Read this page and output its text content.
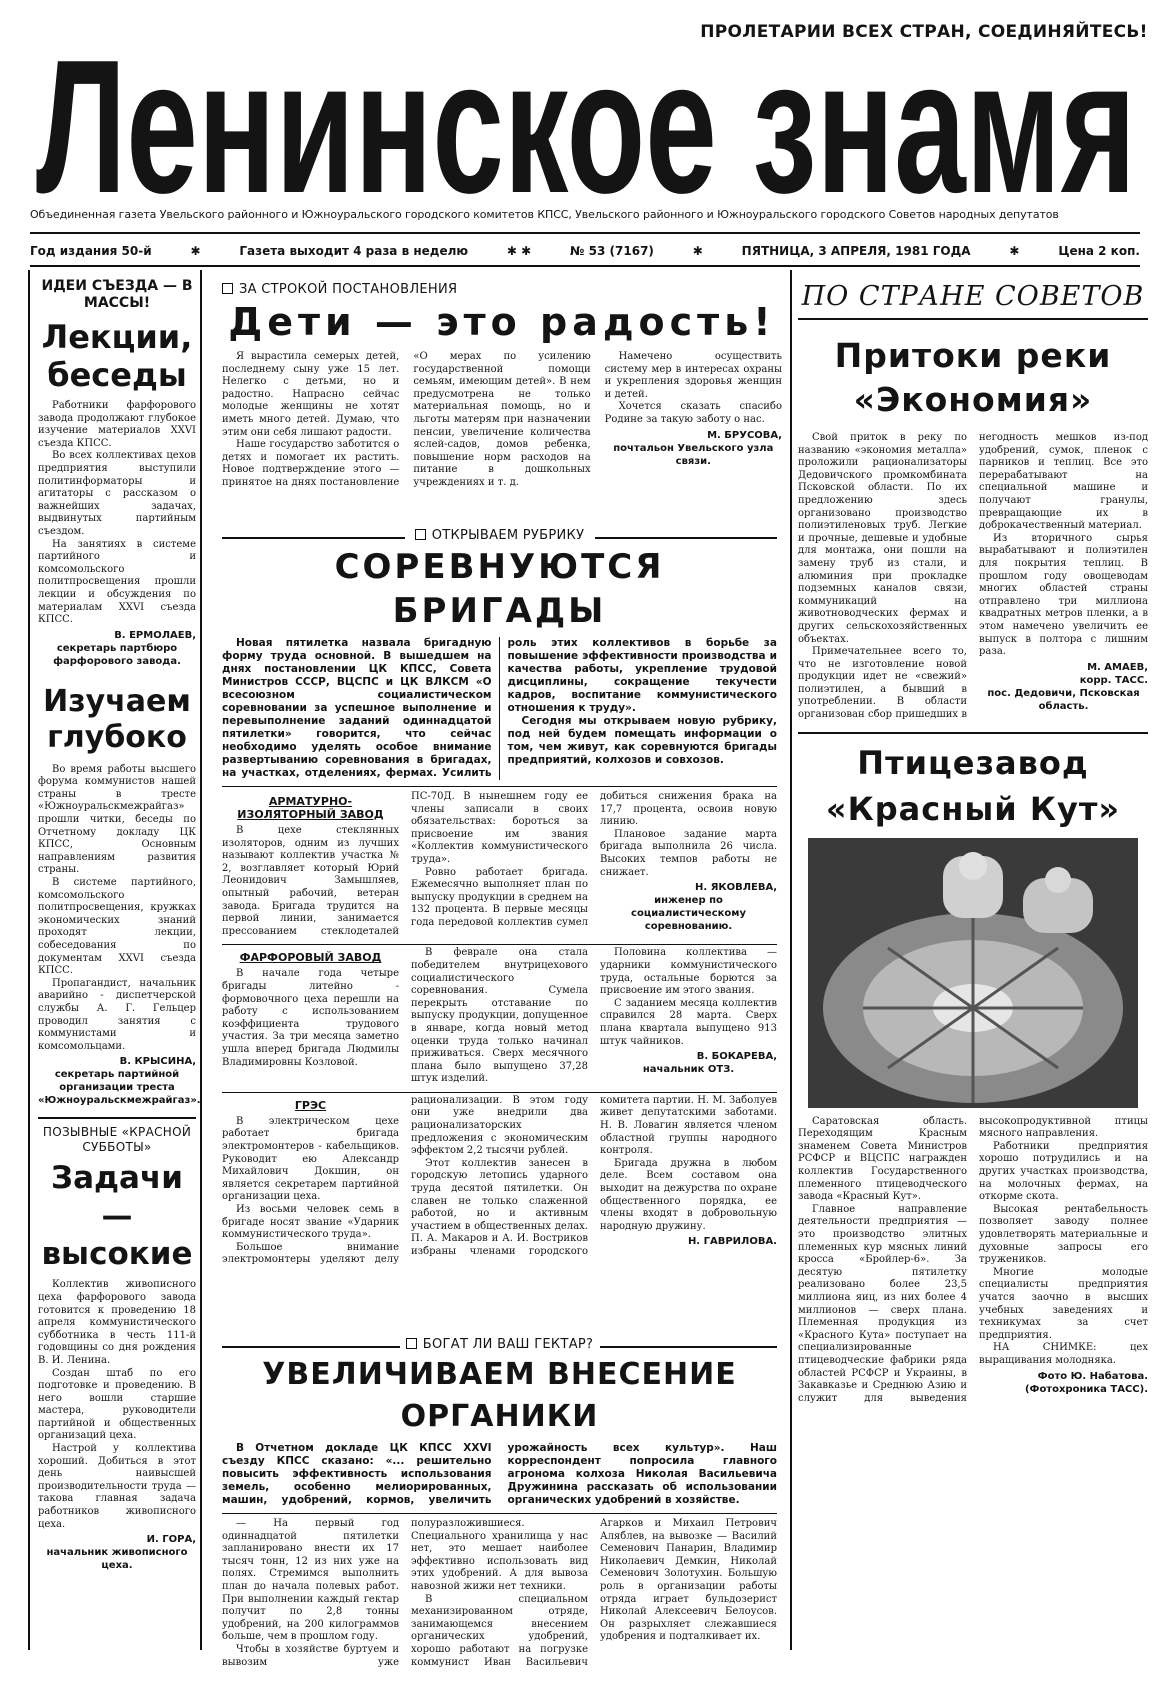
ПРОЛЕТАРИИ ВСЕХ СТРАН, СОЕДИНЯЙТЕСЬ!
Ленинское знамя
Объединенная газета Увельского районного и Южноуральского городского комитетов КПСС, Увельского районного и Южноуральского городского Советов народных депутатов
Год издания 50-й	✱	Газета выходит 4 раза в неделю	✱ ✱	№ 53 (7167)	✱	ПЯТНИЦА, 3 АПРЕЛЯ, 1981 ГОДА	✱	Цена 2 коп.
ИДЕИ СЪЕЗДА — В МАССЫ!
Лекции, беседы

Работники фарфорового завода продолжают глубокое изучение материалов XXVI съезда КПСС.

Во всех коллективах цехов предприятия выступили политинформаторы и агитаторы с рассказом о важнейших задачах, выдвинутых партийным съездом.

На занятиях в системе партийного и комсомольского политпросвещения прошли лекции и обсуждения по материалам XXVI съезда КПСС.

В. ЕРМОЛАЕВ,
секретарь партбюро фарфорового завода.
Изучаем глубоко

Во время работы высшего форума коммунистов нашей страны в тресте «Южноуральскмежрайгаз» прошли читки, беседы по Отчетному докладу ЦК КПСС, Основным направлениям развития страны.

В системе партийного, комсомольского политпросвещения, кружках экономических знаний проходят лекции, собеседования по документам XXVI съезда КПСС.

Пропагандист, начальник аварийно - диспетчерской службы А. Г. Гельцер проводил занятия с коммунистами и комсомольцами.

В. КРЫСИНА,
секретарь партийной организации треста «Южноуральскмежрайгаз».
ПОЗЫВНЫЕ «КРАСНОЙ СУББОТЫ»
Задачи — высокие

Коллектив живописного цеха фарфорового завода готовится к проведению 18 апреля коммунистического субботника в честь 111-й годовщины со дня рождения В. И. Ленина.

Создан штаб по его подготовке и проведению. В него вошли старшие мастера, руководители партийной и общественных организаций цеха.

Настрой у коллектива хороший. Добиться в этот день наивысшей производительности труда — такова главная задача работников живописного цеха.

И. ГОРА,
начальник живописного цеха.
ЗА СТРОКОЙ ПОСТАНОВЛЕНИЯ
Дети — это радость!

Я вырастила семерых детей, последнему сыну уже 15 лет. Нелегко с детьми, но и радостно. Напрасно сейчас молодые женщины не хотят иметь много детей. Думаю, что этим они себя лишают радости.

Наше государство заботится о детях и помогает их растить. Новое подтверждение этого — принятое на днях постановление «О мерах по усилению государственной помощи семьям, имеющим детей». В нем предусмотрена не только материальная помощь, но и льготы матерям при назначении пенсии, увеличение количества яслей-садов, домов ребенка, повышение норм расходов на питание в дошкольных учреждениях и т. д.

Намечено осуществить систему мер в интересах охраны и укрепления здоровья женщин и детей.

Хочется сказать спасибо Родине за такую заботу о нас.

М. БРУСОВА,
почтальон Увельского узла связи.
ОТКРЫВАЕМ РУБРИКУ
СОРЕВНУЮТСЯ БРИГАДЫ

Новая пятилетка назвала бригадную форму труда основной. В вышедшем на днях постановлении ЦК КПСС, Совета Министров СССР, ВЦСПС и ЦК ВЛКСМ «О всесоюзном социалистическом соревновании за успешное выполнение и перевыполнение заданий одиннадцатой пятилетки» говорится, что сейчас необходимо уделять особое внимание развертыванию соревнования в бригадах, на участках, отделениях, фермах. Усилить роль этих коллективов в борьбе за повышение эффективности производства и качества работы, укрепление трудовой дисциплины, сокращение текучести кадров, воспитание коммунистического отношения к труду».

Сегодня мы открываем новую рубрику, под ней будем помещать информации о том, чем живут, как соревнуются бригады предприятий, колхозов и совхозов.

АРМАТУРНО-ИЗОЛЯТОРНЫЙ ЗАВОД

В цехе стеклянных изоляторов, одним из лучших называют коллектив участка № 2, возглавляет который Юрий Леонидович Замышляев, опытный рабочий, ветеран завода. Бригада трудится на первой линии, занимается прессованием стеклодеталей ПС-70Д. В нынешнем году ее члены записали в своих обязательствах: бороться за присвоение им звания «Коллектив коммунистического труда».

Ровно работает бригада. Ежемесячно выполняет план по выпуску продукции в среднем на 132 процента. В первые месяцы года передовой коллектив сумел добиться снижения брака на 17,7 процента, освоив новую линию.

Плановое задание марта бригада выполнила 26 числа. Высоких темпов работы не снижает.

Н. ЯКОВЛЕВА,
инженер по социалистическому соревнованию.
ФАРФОРОВЫЙ ЗАВОД

В начале года четыре бригады литейно - формовочного цеха перешли на работу с использованием коэффициента трудового участия. За три месяца заметно ушла вперед бригада Людмилы Владимировны Козловой.

В феврале она стала победителем внутрицехового социалистического соревнования. Сумела перекрыть отставание по выпуску продукции, допущенное в январе, когда новый метод оценки труда только начинал приживаться. Сверх месячного плана было выпущено 37,28 штук изделий.

Половина коллектива — ударники коммунистического труда, остальные борются за присвоение им этого звания.

С заданием месяца коллектив справился 28 марта. Сверх плана квартала выпущено 913 штук чайников.

В. БОКАРЕВА,
начальник ОТЗ.
ГРЭС

В электрическом цехе работает бригада электромонтеров - кабельщиков. Руководит ею Александр Михайлович Докшин, он является секретарем партийной организации цеха.

Из восьми человек семь в бригаде носят звание «Ударник коммунистического труда».

Большое внимание электромонтеры уделяют делу рационализации. В этом году они уже внедрили два рационализаторских предложения с экономическим эффектом 2,2 тысячи рублей.

Этот коллектив занесен в городскую летопись ударного труда десятой пятилетки. Он славен не только слаженной работой, но и активным участием в общественных делах. П. А. Макаров и А. И. Востриков избраны членами городского комитета партии. Н. М. Заболуев живет депутатскими заботами. Н. В. Ловагин является членом областной группы народного контроля.

Бригада дружна в любом деле. Всем составом она выходит на дежурства по охране общественного порядка, ее члены входят в добровольную народную дружину.

Н. ГАВРИЛОВА.
БОГАТ ЛИ ВАШ ГЕКТАР?
УВЕЛИЧИВАЕМ ВНЕСЕНИЕ ОРГАНИКИ

В Отчетном докладе ЦК КПСС XXVI съезду КПСС сказано: «... решительно повысить эффективность использования земель, особенно мелиорированных, машин, удобрений, кормов, увеличить урожайность всех культур». Наш корреспондент попросила главного агронома колхоза Николая Васильевича Дружинина рассказать об использовании органических удобрений в хозяйстве.

— На первый год одиннадцатой пятилетки запланировано внести их 17 тысяч тонн, 12 из них уже на полях. Стремимся выполнить план до начала полевых работ. При выполнении каждый гектар получит по 2,8 тонны удобрений, на 200 килограммов больше, чем в прошлом году.

Чтобы в хозяйстве буртуем и вывозим уже полуразложившиеся. Специального хранилища у нас нет, это мешает наиболее эффективно использовать вид этих удобрений. А для вывоза навозной жижи нет техники.

В специальном механизированном отряде, занимающемся внесением органических удобрений, хорошо работают на погрузке коммунист Иван Васильевич Агарков и Михаил Петрович Аляблев, на вывозке — Василий Семенович Панарин, Владимир Николаевич Демкин, Николай Семенович Золотухин. Большую роль в организации работы отряда играет бульдозерист Николай Алексеевич Белоусов. Он разрыхляет слежавшиеся удобрения и подталкивает их.

ПО СТРАНЕ СОВЕТОВ
Притоки реки «Экономия»

Свой приток в реку по названию «экономия металла» проложили рационализаторы Дедовичского промкомбината Псковской области. По их предложению здесь организовано производство полиэтиленовых труб. Легкие и прочные, дешевые и удобные для монтажа, они пошли на замену труб из стали, и алюминия при прокладке подземных каналов связи, коммуникаций на животноводческих фермах и других сельскохозяйственных объектах.

Примечательнее всего то, что не изготовление новой продукции идет не «свежий» полиэтилен, а бывший в употреблении. В области организован сбор пришедших в негодность мешков из-под удобрений, сумок, пленок с парников и теплиц. Все это перерабатывают на специальной машине и получают гранулы, превращающие их в доброкачественный материал.

Из вторичного сырья вырабатывают и полиэтилен для покрытия теплиц. В прошлом году овощеводам многих областей страны отправлено три миллиона квадратных метров пленки, а в этом намечено увеличить ее выпуск в полтора с лишним раза.

М. АМАЕВ,
корр. ТАСС.
пос. Дедовичи, Псковская область.
Птицезавод «Красный Кут»

Саратовская область. Переходящим Красным знаменем Совета Министров РСФСР и ВЦСПС награжден коллектив Государственного племенного птицеводческого завода «Красный Кут».

Главное направление деятельности предприятия — это производство элитных племенных кур мясных линий кросса «Бройлер-6». За десятую пятилетку реализовано более 23,5 миллиона яиц, из них более 4 миллионов — сверх плана. Племенная продукция из «Красного Кута» поступает на специализированные птицеводческие фабрики ряда областей РСФСР и Украины, в Закавказье и Среднюю Азию и служит для выведения высокопродуктивной птицы мясного направления.

Работники предприятия хорошо потрудились и на других участках производства, на молочных фермах, на откорме скота.

Высокая рентабельность позволяет заводу полнее удовлетворять материальные и духовные запросы его тружеников.

Многие молодые специалисты предприятия учатся заочно в высших учебных заведениях и техникумах за счет предприятия.

НА СНИМКЕ: цех выращивания молодняка.

Фото Ю. Набатова.
(Фотохроника ТАСС).
